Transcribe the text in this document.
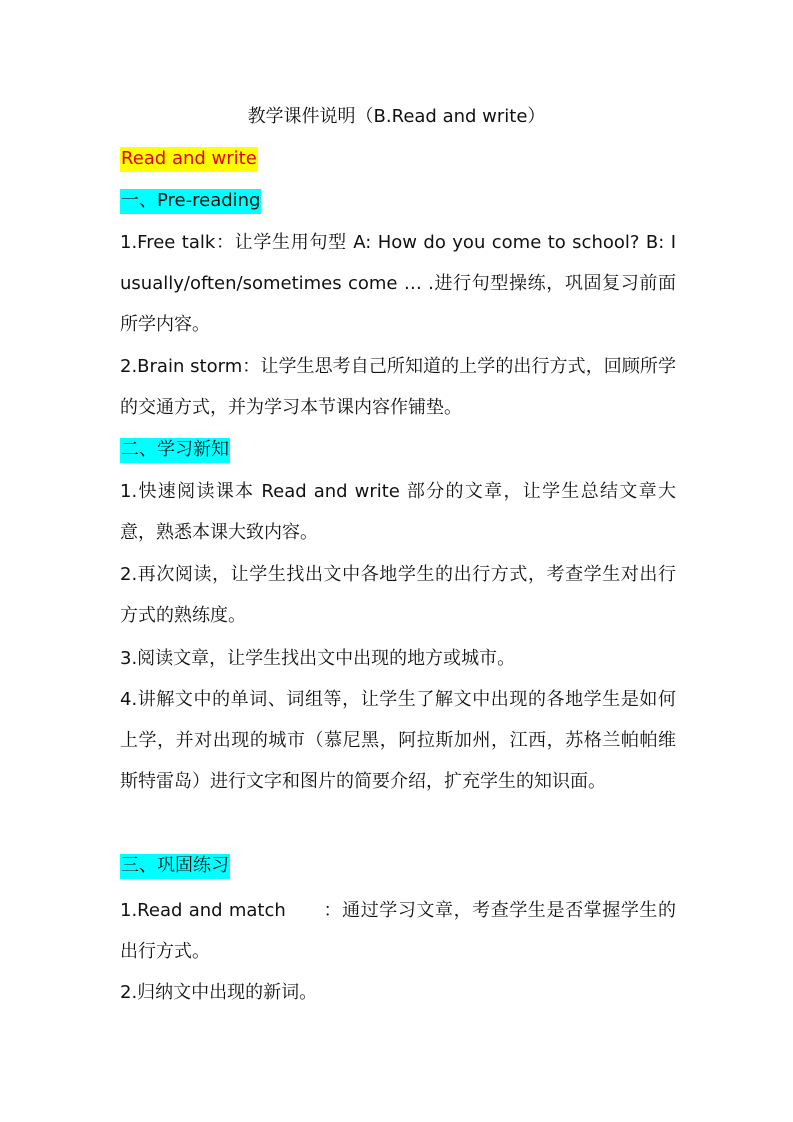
教学课件说明（B.Read and write）
Read and write
一、Pre-reading
1.Free talk：让学生用句型 A: How do you come to school? B: I usually/often/sometimes come … .进行句型操练，巩固复习前面所学内容。
2.Brain storm：让学生思考自己所知道的上学的出行方式，回顾所学的交通方式，并为学习本节课内容作铺垫。
二、学习新知
1.快速阅读课本 Read and write 部分的文章，让学生总结文章大意，熟悉本课大致内容。
2.再次阅读，让学生找出文中各地学生的出行方式，考查学生对出行方式的熟练度。
3.阅读文章，让学生找出文中出现的地方或城市。
4.讲解文中的单词、词组等，让学生了解文中出现的各地学生是如何上学，并对出现的城市（慕尼黑，阿拉斯加州，江西，苏格兰帕帕维斯特雷岛）进行文字和图片的简要介绍，扩充学生的知识面。
三、巩固练习
1.Read and match　　：通过学习文章，考查学生是否掌握学生的出行方式。
2.归纳文中出现的新词。
